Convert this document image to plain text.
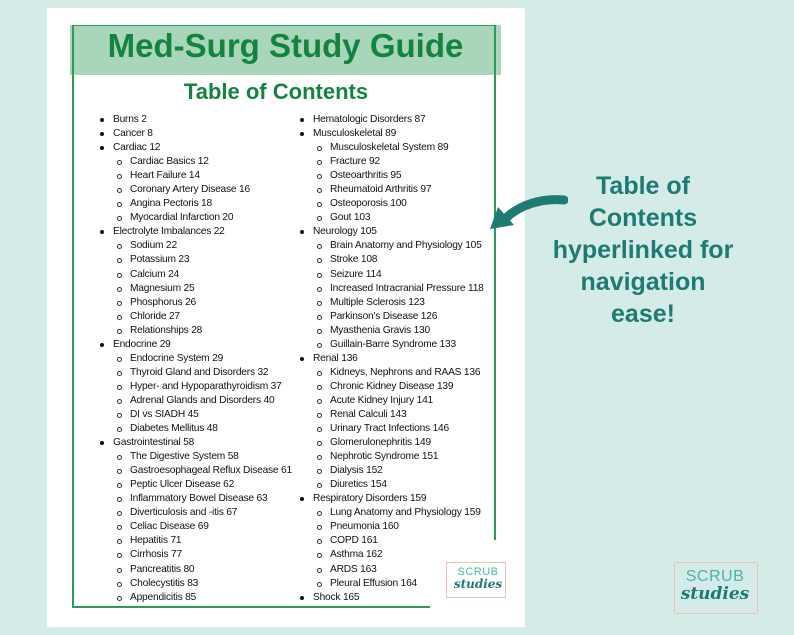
Med-Surg Study Guide
Table of Contents
Burns 2
Cancer 8
Cardiac 12
Cardiac Basics 12
Heart Failure 14
Coronary Artery Disease 16
Angina Pectoris 18
Myocardial Infarction 20
Electrolyte Imbalances 22
Sodium 22
Potassium 23
Calcium 24
Magnesium 25
Phosphorus 26
Chloride 27
Relationships 28
Endocrine 29
Endocrine System 29
Thyroid Gland and Disorders 32
Hyper- and Hypoparathyroidism 37
Adrenal Glands and Disorders 40
DI vs SIADH 45
Diabetes Mellitus 48
Gastrointestinal 58
The Digestive System 58
Gastroesophageal Reflux Disease 61
Peptic Ulcer Disease 62
Inflammatory Bowel Disease 63
Diverticulosis and -itis 67
Celiac Disease 69
Hepatitis 71
Cirrhosis 77
Pancreatitis 80
Cholecystitis 83
Appendicitis 85
Hematologic Disorders 87
Musculoskeletal 89
Musculoskeletal System 89
Fracture 92
Osteoarthritis 95
Rheumatoid Arthritis 97
Osteoporosis 100
Gout 103
Neurology 105
Brain Anatomy and Physiology 105
Stroke 108
Seizure 114
Increased Intracranial Pressure 118
Multiple Sclerosis 123
Parkinson's Disease 126
Myasthenia Gravis 130
Guillain-Barre Syndrome 133
Renal 136
Kidneys, Nephrons and RAAS 136
Chronic Kidney Disease 139
Acute Kidney Injury 141
Renal Calculi 143
Urinary Tract Infections 146
Glomerulonephritis 149
Nephrotic Syndrome 151
Dialysis 152
Diuretics 154
Respiratory Disorders 159
Lung Anatomy and Physiology 159
Pneumonia 160
COPD 161
Asthma 162
ARDS 163
Pleural Effusion 164
Shock 165
SCRUB
studies
Table of
Contents
hyperlinked for
navigation
ease!
SCRUB
studies
